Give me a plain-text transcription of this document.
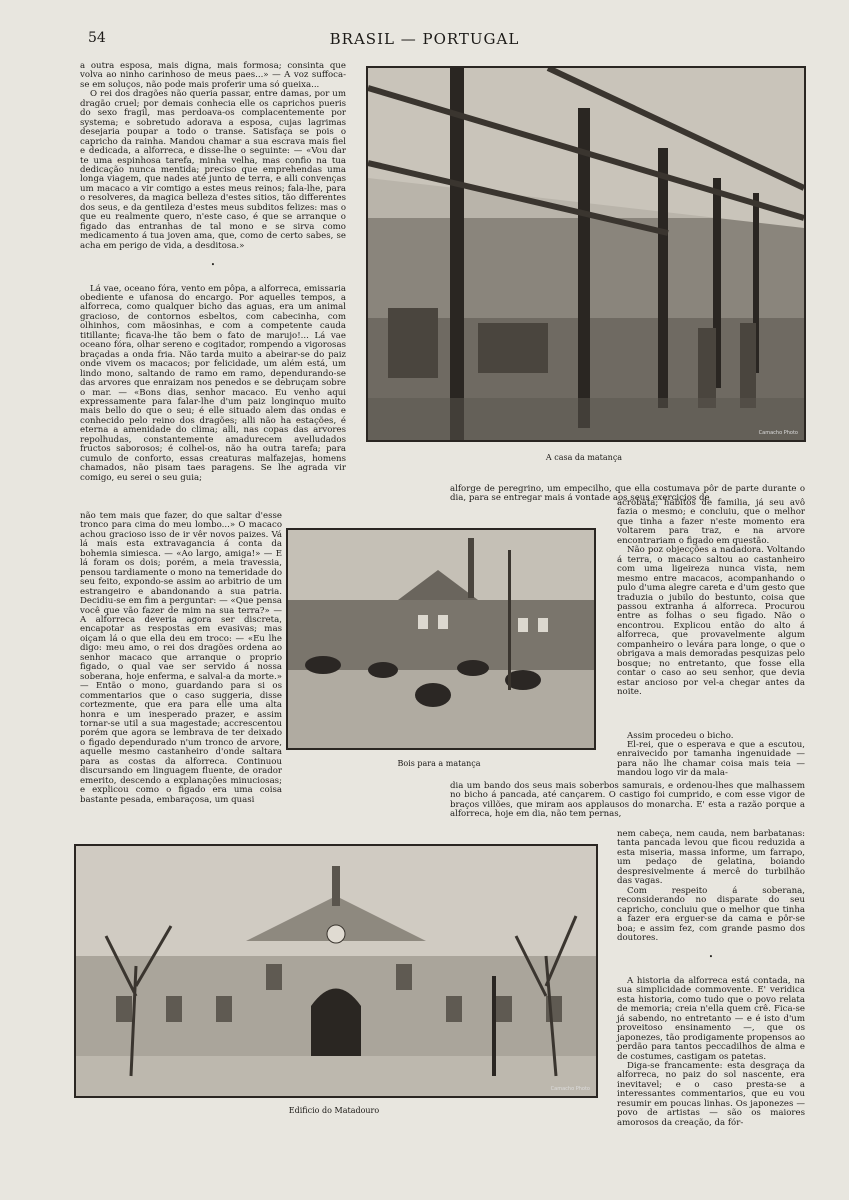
54	BRASIL — PORTUGAL

a outra esposa, mais digna, mais formosa; consinta que volva ao ninho carinhoso de meus paes...» — A voz suffoca-se em soluços, não pode mais proferir uma só queixa...

O rei dos dragões não queria passar, entre damas, por um dragão cruel; por demais conhecia elle os caprichos pueris do sexo fragil, mas perdoava-os complacentemente por systema; e sobretudo adorava a esposa, cujas lagrimas desejaria poupar a todo o transe. Satisfaça se pois o capricho da rainha. Mandou chamar a sua escrava mais fiel e dedicada, a alforreca, e disse-lhe o seguinte: — «Vou dar te uma espinhosa tarefa, minha velha, mas confio na tua dedicação nunca mentida; preciso que emprehendas uma longa viagem, que nades até junto de terra, e alli convenças um macaco a vir comtigo a estes meus reinos; fala-lhe, para o resolveres, da magica belleza d'estes sitios, tão differentes dos seus, e da gentileza d'estes meus subditos felizes: mas o que eu realmente quero, n'este caso, é que se arranque o figado das entranhas de tal mono e se sirva como medicamento á tua joven ama, que, como de certo sabes, se acha em perigo de vida, a desditosa.»

•

Lá vae, oceano fóra, vento em pôpa, a alforreca, emissaria obediente e ufanosa do encargo. Por aquelles tempos, a alforreca, como qualquer bicho das aguas, era um animal gracioso, de contornos esbeltos, com cabecinha, com olhinhos, com mãosinhas, e com a competente cauda titillante; ficava-lhe tão bem o fato de marujo!... Lá vae oceano fóra, olhar sereno e cogitador, rompendo a vigorosas braçadas a onda fria. Não tarda muito a abeirar-se do paiz onde vivem os macacos; por felicidade, um além está, um lindo mono, saltando de ramo em ramo, dependurando-se das arvores que enraizam nos penedos e se debruçam sobre o mar. — «Bons dias, senhor macaco. Eu venho aqui expressamente para falar-lhe d'um paiz longinquo muito mais bello do que o seu; é elle situado alem das ondas e conhecido pelo reino dos dragões; alli não ha estações, é eterna a amenidade do clima; alli, nas copas das arvores repolhudas, constantemente amadurecem avelludados fructos saborosos; é colhel-os, não ha outra tarefa; para cumulo de conforto, essas creaturas malfazejas, homens chamados, não pisam taes paragens. Se lhe agrada vir comigo, eu serei o seu guia;

Camacho Photo
A casa da matança

não tem mais que fazer, do que saltar d'esse tronco para cima do meu lombo...» O macaco achou gracioso isso de ir vêr novos paizes. Vá lá mais esta extravagancia á conta da bohemia simiesca. — «Ao largo, amiga!» — E lá foram os dois; porém, a meia travessia, pensou tardiamente o mono na temeridade do seu feito, expondo-se assim ao arbitrio de um estrangeiro e abandonando a sua patria. Decidiu-se em fim a perguntar: — «Que pensa você que vão fazer de mim na sua terra?» — A alforreca deveria agora ser discreta, encapotar as respostas em evasivas; mas oiçam lá o que ella deu em troco: — «Eu lhe digo: meu amo, o rei dos dragões ordena ao senhor macaco que arranque o proprio figado, o qual vae ser servido á nossa soberana, hoje enferma, e salval-a da morte.» — Então o mono, guardando para si os commentarios que o caso suggeria, disse cortezmente, que era para elle uma alta honra e um inesperado prazer, e assim tornar-se util a sua magestade; accrescentou porém que agora se lembrava de ter deixado o figado dependurado n'um tronco de arvore, aquelle mesmo castanheiro d'onde saltara para as costas da alforreca. Continuou discursando em linguagem fluente, de orador emerito, descendo a explanações minuciosas; e explicou como o figado era uma coisa bastante pesada, embaraçosa, um quasi

alforge de peregrino, um empecilho, que ella costumava pôr de parte durante o dia, para se entregar mais á vontade aos seus exercicios de

Bois para a matança

acrobata; habitos de familia, já seu avô fazia o mesmo; e concluiu, que o melhor que tinha a fazer n'este momento era voltarem para traz, e na arvore encontrariam o figado em questão.

Não poz objecções a nadadora. Voltando á terra, o macaco saltou ao castanheiro com uma ligeireza nunca vista, nem mesmo entre macacos, acompanhando o pulo d'uma alegre careta e d'um gesto que traduzia o jubilo do bestunto, coisa que passou extranha á alforreca. Procurou entre as folhas o seu figado. Não o encontrou. Explicou então do alto á alforreca, que provavelmente algum companheiro o levára para longe, o que o obrigava a mais demoradas pesquizas pelo bosque; no entretanto, que fosse ella contar o caso ao seu senhor, que devia estar ancioso por vel-a chegar antes da noite.

Assim procedeu o bicho.

El-rei, que o esperava e que a escutou, enraivecido por tamanha ingenuidade — para não lhe chamar coisa mais teia — mandou logo vir da mala-

dia um bando dos seus mais soberbos samurais, e ordenou-lhes que malhassem no bicho á pancada, até cançarem. O castigo foi cumprido, e com esse vigor de braços villões, que miram aos applausos do monarcha. E' esta a razão porque a alforreca, hoje em dia, não tem pernas,

nem cabeça, nem cauda, nem barbatanas: tanta pancada levou que ficou reduzida a esta miseria, massa informe, um farrapo, um pedaço de gelatina, boiando despresivelmente á mercê do turbilhão das vagas.

Com respeito á soberana, reconsiderando no disparate do seu capricho, concluiu que o melhor que tinha a fazer era erguer-se da cama e pôr-se boa; e assim fez, com grande pasmo dos doutores.

•

A historia da alforreca está contada, na sua simplicidade commovente. E' veridica esta historia, como tudo que o povo relata de memoria; creia n'ella quem crê. Fica-se já sabendo, no entretanto — e é isto d'um proveitoso ensinamento —, que os japonezes, tão prodigamente propensos ao perdão para tantos peccadilhos de alma e de costumes, castigam os patetas.

Diga-se francamente: esta desgraça da alforreca, no paiz do sol nascente, era inevitavel; e o caso presta-se a interessantes commentarios, que eu vou resumir em poucas linhas. Os japonezes — povo de artistas — são os maiores amorosos da creação, da fór-

Camacho Photo
Edificio do Matadouro
